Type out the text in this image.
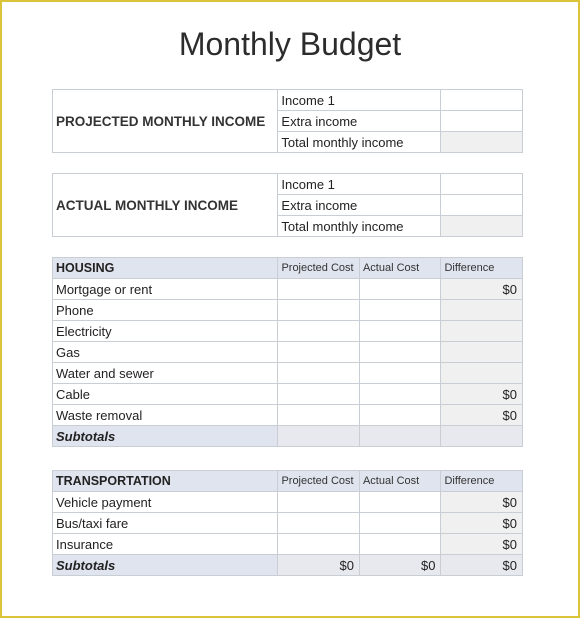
Monthly Budget
PROJECTED MONTHLY INCOME	Income 1	
	Extra income	
	Total monthly income	
ACTUAL MONTHLY INCOME	Income 1	
	Extra income	
	Total monthly income	
HOUSING	Projected Cost	Actual Cost	Difference
Mortgage or rent			$0
Phone			
Electricity			
Gas			
Water and sewer			
Cable			$0
Waste removal			$0
Subtotals			
TRANSPORTATION	Projected Cost	Actual Cost	Difference
Vehicle payment			$0
Bus/taxi fare			$0
Insurance			$0
Subtotals	$0	$0	$0
